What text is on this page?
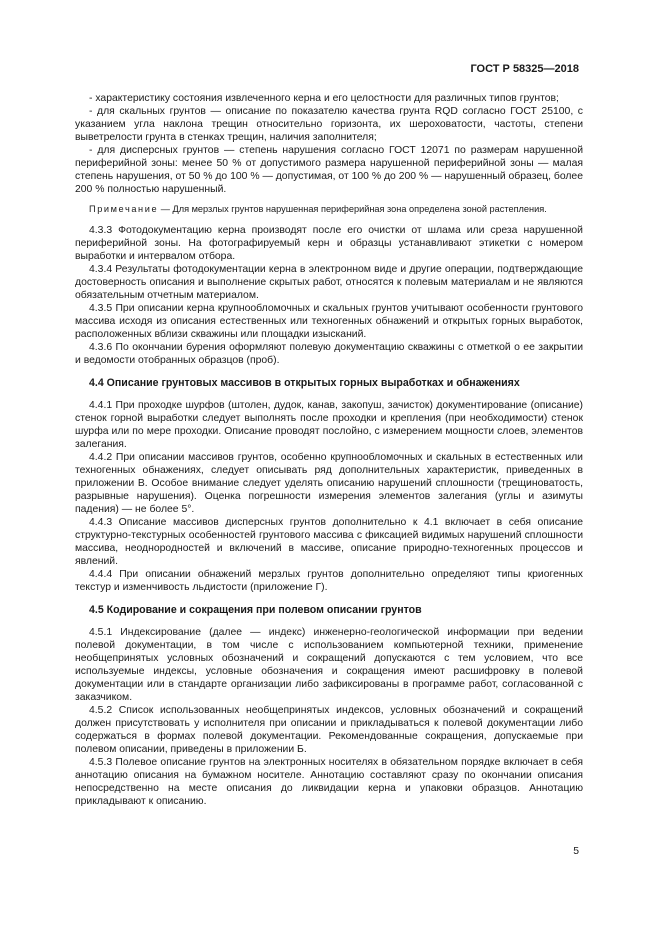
ГОСТ Р 58325—2018

- характеристику состояния извлеченного керна и его целостности для различных типов грунтов;

- для скальных грунтов — описание по показателю качества грунта RQD согласно ГОСТ 25100, с указанием угла наклона трещин относительно горизонта, их шероховатости, частоты, степени выветрелости грунта в стенках трещин, наличия заполнителя;

- для дисперсных грунтов — степень нарушения согласно ГОСТ 12071 по размерам нарушенной периферийной зоны: менее 50 % от допустимого размера нарушенной периферийной зоны — малая степень нарушения, от 50 % до 100 % — допустимая, от 100 % до 200 % — нарушенный образец, более 200 % полностью нарушенный.

Примечание — Для мерзлых грунтов нарушенная периферийная зона определена зоной растепления.

4.3.3 Фотодокументацию керна производят после его очистки от шлама или среза нарушенной периферийной зоны. На фотографируемый керн и образцы устанавливают этикетки с номером выработки и интервалом отбора.

4.3.4 Результаты фотодокументации керна в электронном виде и другие операции, подтверждающие достоверность описания и выполнение скрытых работ, относятся к полевым материалам и не являются обязательным отчетным материалом.

4.3.5 При описании керна крупнообломочных и скальных грунтов учитывают особенности грунтового массива исходя из описания естественных или техногенных обнажений и открытых горных выработок, расположенных вблизи скважины или площадки изысканий.

4.3.6 По окончании бурения оформляют полевую документацию скважины с отметкой о ее закрытии и ведомости отобранных образцов (проб).

4.4 Описание грунтовых массивов в открытых горных выработках и обнажениях

4.4.1 При проходке шурфов (штолен, дудок, канав, закопуш, зачисток) документирование (описание) стенок горной выработки следует выполнять после проходки и крепления (при необходимости) стенок шурфа или по мере проходки. Описание проводят послойно, с измерением мощности слоев, элементов залегания.

4.4.2 При описании массивов грунтов, особенно крупнообломочных и скальных в естественных или техногенных обнажениях, следует описывать ряд дополнительных характеристик, приведенных в приложении В. Особое внимание следует уделять описанию нарушений сплошности (трещиноватость, разрывные нарушения). Оценка погрешности измерения элементов залегания (углы и азимуты падения) — не более 5°.

4.4.3 Описание массивов дисперсных грунтов дополнительно к 4.1 включает в себя описание структурно-текстурных особенностей грунтового массива с фиксацией видимых нарушений сплошности массива, неоднородностей и включений в массиве, описание природно-техногенных процессов и явлений.

4.4.4 При описании обнажений мерзлых грунтов дополнительно определяют типы криогенных текстур и изменчивость льдистости (приложение Г).

4.5 Кодирование и сокращения при полевом описании грунтов

4.5.1 Индексирование (далее — индекс) инженерно-геологической информации при ведении полевой документации, в том числе с использованием компьютерной техники, применение необщепринятых условных обозначений и сокращений допускаются с тем условием, что все используемые индексы, условные обозначения и сокращения имеют расшифровку в полевой документации или в стандарте организации либо зафиксированы в программе работ, согласованной с заказчиком.

4.5.2 Список использованных необщепринятых индексов, условных обозначений и сокращений должен присутствовать у исполнителя при описании и прикладываться к полевой документации либо содержаться в формах полевой документации. Рекомендованные сокращения, допускаемые при полевом описании, приведены в приложении Б.

4.5.3 Полевое описание грунтов на электронных носителях в обязательном порядке включает в себя аннотацию описания на бумажном носителе. Аннотацию составляют сразу по окончании описания непосредственно на месте описания до ликвидации керна и упаковки образцов. Аннотацию прикладывают к описанию.

5
